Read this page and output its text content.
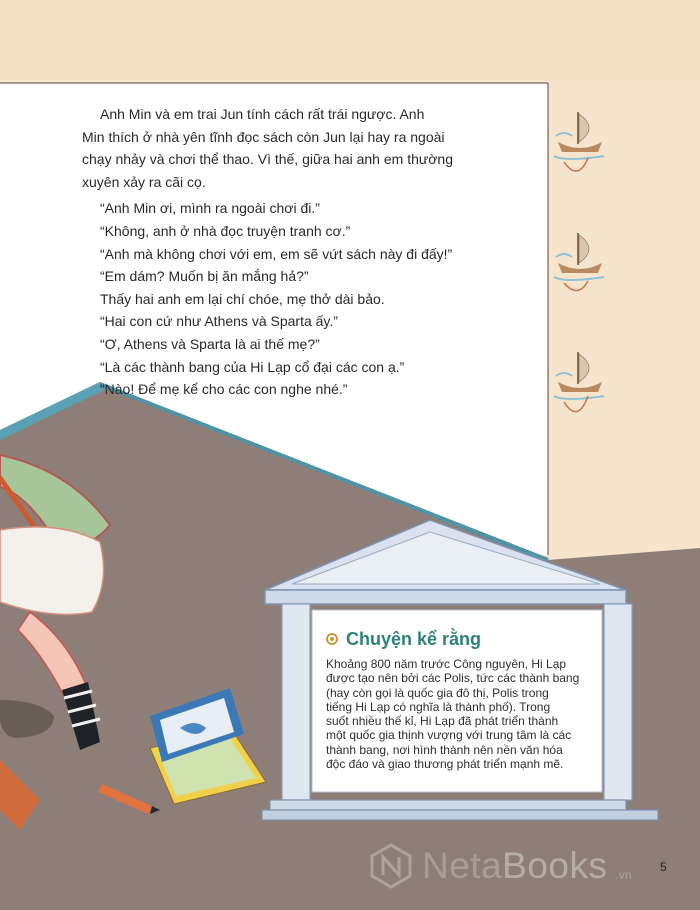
Anh Min và em trai Jun tính cách rất trái ngược. Anh
Min thích ở nhà yên tĩnh đọc sách còn Jun lại hay ra ngoài
chạy nhảy và chơi thể thao. Vì thế, giữa hai anh em thường
xuyên xảy ra cãi cọ.

“Anh Min ơi, mình ra ngoài chơi đi.”

“Không, anh ở nhà đọc truyện tranh cơ.”

“Anh mà không chơi với em, em sẽ vứt sách này đi đấy!”

“Em dám? Muốn bị ăn mắng hả?”

Thấy hai anh em lại chí chóe, mẹ thở dài bảo.

“Hai con cứ như Athens và Sparta ấy.”

“Ơ, Athens và Sparta là ai thế mẹ?”

“Là các thành bang của Hi Lạp cổ đại các con ạ.”

“Nào! Để mẹ kể cho các con nghe nhé.”

Chuyện kể rằng
Khoảng 800 năm trước Công nguyên, Hi Lạp
được tạo nên bởi các Polis, tức các thành bang
(hay còn gọi là quốc gia đô thị, Polis trong
tiếng Hi Lạp có nghĩa là thành phố). Trong
suốt nhiều thế kỉ, Hi Lạp đã phát triển thành
một quốc gia thịnh vượng với trung tâm là các
thành bang, nơi hình thành nên nền văn hóa
độc đáo và giao thương phát triển mạnh mẽ.
NetaBooks .vn
5
